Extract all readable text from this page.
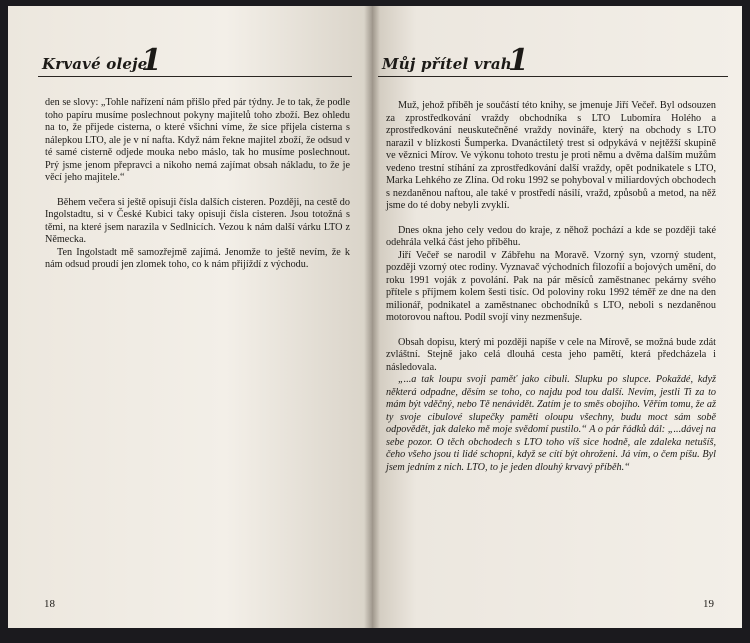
Krvavé oleje
1

den se slovy: „Tohle nařízení nám přišlo před pár týdny. Je to tak, že podle toho papíru musíme poslechnout pokyny majitelů toho zboží. Bez ohledu na to, že přijede cisterna, o které všichni víme, že sice přijela cisterna s nálepkou LTO, ale je v ní nafta. Když nám řekne majitel zboží, že odsud v té samé cisterně odjede mouka nebo máslo, tak ho musíme poslechnout. Prý jsme jenom přepravci a nikoho nemá zajímat obsah nákladu, to že je věcí jeho majitele.“

Během večera si ještě opisuji čísla dalších cisteren. Později, na cestě do Ingolstadtu, si v České Kubici taky opisuji čísla cisteren. Jsou totožná s těmi, na které jsem narazila v Sedlnicích. Vezou k nám další várku LTO z Německa.

Ten Ingolstadt mě samozřejmě zajímá. Jenomže to ještě nevím, že k nám odsud proudí jen zlomek toho, co k nám přijíždí z východu.

18
Můj přítel vrah
1

Muž, jehož příběh je součástí této knihy, se jmenuje Jiří Večeř. Byl odsouzen za zprostředkování vraždy obchodníka s LTO Lubomíra Holého a zprostředkování neuskutečněné vraždy novináře, který na obchody s LTO narazil v blízkosti Šumperka. Dvanáctiletý trest si odpykává v nejtěžší skupině ve věznici Mírov. Ve výkonu tohoto trestu je proti němu a dvěma dalším mužům vedeno trestní stíhání za zprostředkování další vraždy, opět podnikatele s LTO, Marka Lehkého ze Zlína. Od roku 1992 se pohyboval v miliardových obchodech s nezdaněnou naftou, ale také v prostředí násilí, vražd, způsobů a metod, na něž jsme do té doby nebyli zvyklí.

Dnes okna jeho cely vedou do kraje, z něhož pochází a kde se později také odehrála velká část jeho příběhu.

Jiří Večeř se narodil v Zábřehu na Moravě. Vzorný syn, vzorný student, později vzorný otec rodiny. Vyznavač východních filozofií a bojových umění, do roku 1991 voják z povolání. Pak na pár měsíců zaměstnanec pekárny svého přítele s příjmem kolem šesti tisíc. Od poloviny roku 1992 téměř ze dne na den milionář, podnikatel a zaměstnanec obchodníků s LTO, neboli s nezdaněnou motorovou naftou. Podíl svojí viny nezmenšuje.

Obsah dopisu, který mi později napíše v cele na Mírově, se možná bude zdát zvláštní. Stejně jako celá dlouhá cesta jeho pamětí, která předcházela i následovala.

„...a tak loupu svoji paměť jako cibuli. Slupku po slupce. Pokaždé, když některá odpadne, děsím se toho, co najdu pod tou další. Nevím, jestli Ti za to mám být vděčný, nebo Tě nenávidět. Zatím je to směs obojího. Věřím tomu, že až ty svoje cibulové slupečky paměti oloupu všechny, budu moct sám sobě odpovědět, jak daleko mě moje svědomí pustilo.“ A o pár řádků dál: „...dávej na sebe pozor. O těch obchodech s LTO toho víš sice hodně, ale zdaleka netušíš, čeho všeho jsou ti lidé schopni, když se cítí být ohroženi. Já vím, o čem píšu. Byl jsem jedním z nich. LTO, to je jeden dlouhý krvavý příběh.“

19
